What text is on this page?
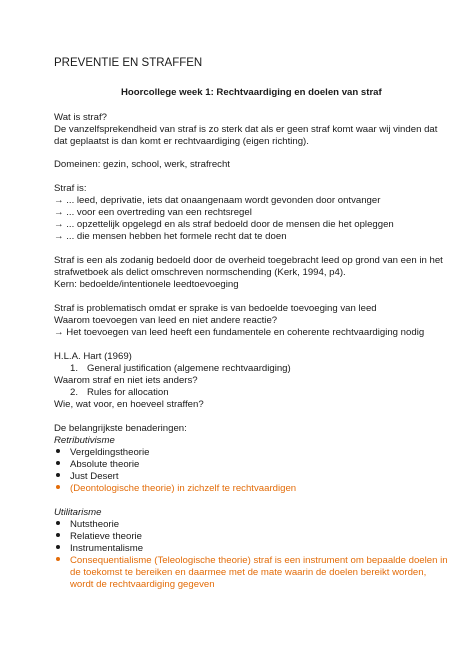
PREVENTIE EN STRAFFEN
Hoorcollege week 1: Rechtvaardiging en doelen van straf
Wat is straf?
De vanzelfsprekendheid van straf is zo sterk dat als er geen straf komt waar wij vinden dat
dat geplaatst is dan komt er rechtvaardiging (eigen richting).
Domeinen: gezin, school, werk, strafrecht
Straf is:
→ ... leed, deprivatie, iets dat onaangenaam wordt gevonden door ontvanger
→ ... voor een overtreding van een rechtsregel
→ ... opzettelijk opgelegd en als straf bedoeld door de mensen die het opleggen
→ ... die mensen hebben het formele recht dat te doen
Straf is een als zodanig bedoeld door de overheid toegebracht leed op grond van een in het
strafwetboek als delict omschreven normschending (Kerk, 1994, p4).
Kern: bedoelde/intentionele leedtoevoeging
Straf is problematisch omdat er sprake is van bedoelde toevoeging van leed
Waarom toevoegen van leed en niet andere reactie?
→ Het toevoegen van leed heeft een fundamentele en coherente rechtvaardiging nodig
H.L.A. Hart (1969)
1. General justification (algemene rechtvaardiging)
Waarom straf en niet iets anders?
2. Rules for allocation
Wie, wat voor, en hoeveel straffen?
De belangrijkste benaderingen:
Retributivisme
Vergeldingstheorie
Absolute theorie
Just Desert
(Deontologische theorie) in zichzelf te rechtvaardigen
Utilitarisme
Nutstheorie
Relatieve theorie
Instrumentalisme
Consequentialisme (Teleologische theorie) straf is een instrument om bepaalde doelen in
de toekomst te bereiken en daarmee met de mate waarin de doelen bereikt worden,
wordt de rechtvaardiging gegeven
